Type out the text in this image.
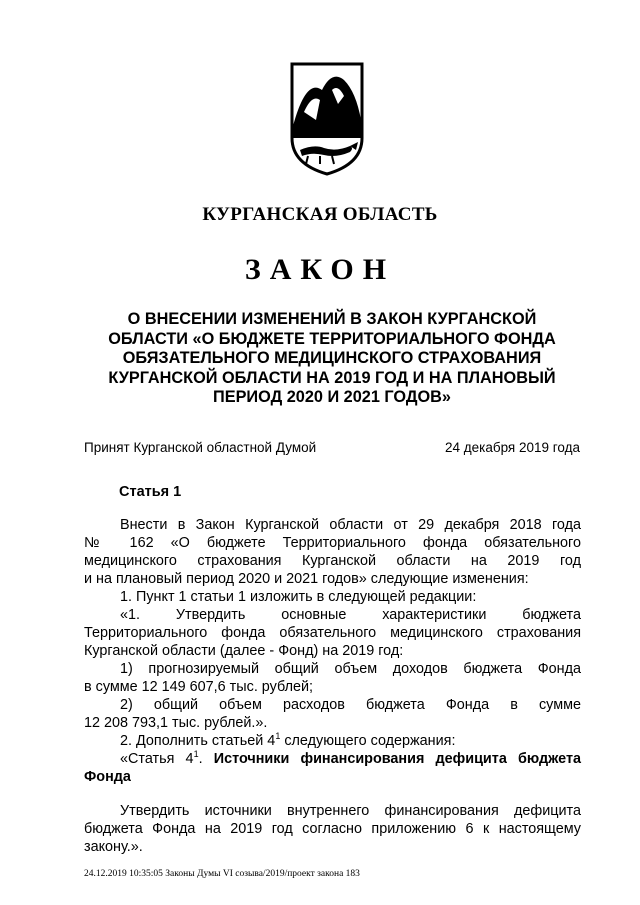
КУРГАНСКАЯ ОБЛАСТЬ
ЗАКОН
О ВНЕСЕНИИ ИЗМЕНЕНИЙ В ЗАКОН КУРГАНСКОЙ
ОБЛАСТИ «О БЮДЖЕТЕ ТЕРРИТОРИАЛЬНОГО ФОНДА
ОБЯЗАТЕЛЬНОГО МЕДИЦИНСКОГО СТРАХОВАНИЯ
КУРГАНСКОЙ ОБЛАСТИ НА 2019 ГОД И НА ПЛАНОВЫЙ
ПЕРИОД 2020 И 2021 ГОДОВ»
Принят Курганской областной Думой	24 декабря 2019 года
Статья 1

Внести в Закон Курганской области от 29 декабря 2018 года

№ 162 «О бюджете Территориального фонда обязательного

медицинского страхования Курганской области на 2019 год

и на плановый период 2020 и 2021 годов» следующие изменения:

1. Пункт 1 статьи 1 изложить в следующей редакции:

«1. Утвердить основные характеристики бюджета

Территориального фонда обязательного медицинского страхования

Курганской области (далее - Фонд) на 2019 год:

1) прогнозируемый общий объем доходов бюджета Фонда

в сумме 12 149 607,6 тыс. рублей;

2) общий объем расходов бюджета Фонда в сумме

12 208 793,1 тыс. рублей.».

2. Дополнить статьей $4^1$ следующего содержания:

«Статья $4^1$. Источники финансирования дефицита бюджета

Фонда

Утвердить источники внутреннего финансирования дефицита

бюджета Фонда на 2019 год согласно приложению 6 к настоящему

закону.».

24.12.2019 10:35:05 Законы Думы VI созыва/2019/проект закона 183
